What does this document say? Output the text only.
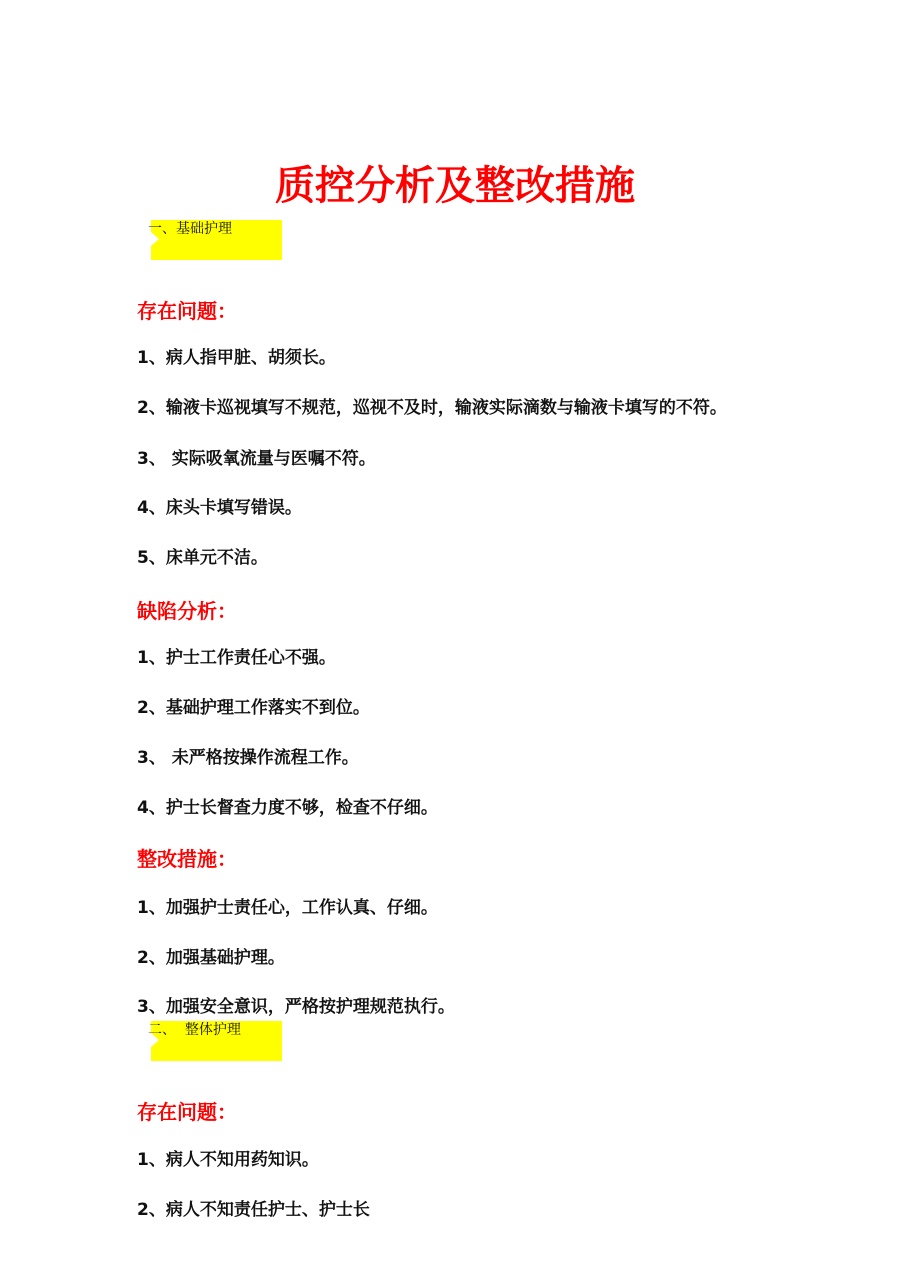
质控分析及整改措施
一、基础护理
存在问题：

1、病人指甲脏、胡须长。

2、输液卡巡视填写不规范，巡视不及时，输液实际滴数与输液卡填写的不符。

3、 实际吸氧流量与医嘱不符。

4、床头卡填写错误。

5、床单元不洁。

缺陷分析：

1、护士工作责任心不强。

2、基础护理工作落实不到位。

3、 未严格按操作流程工作。

4、护士长督查力度不够，检查不仔细。

整改措施：

1、加强护士责任心，工作认真、仔细。

2、加强基础护理。

3、加强安全意识，严格按护理规范执行。

二、  整体护理
存在问题：

1、病人不知用药知识。

2、病人不知责任护士、护士长
